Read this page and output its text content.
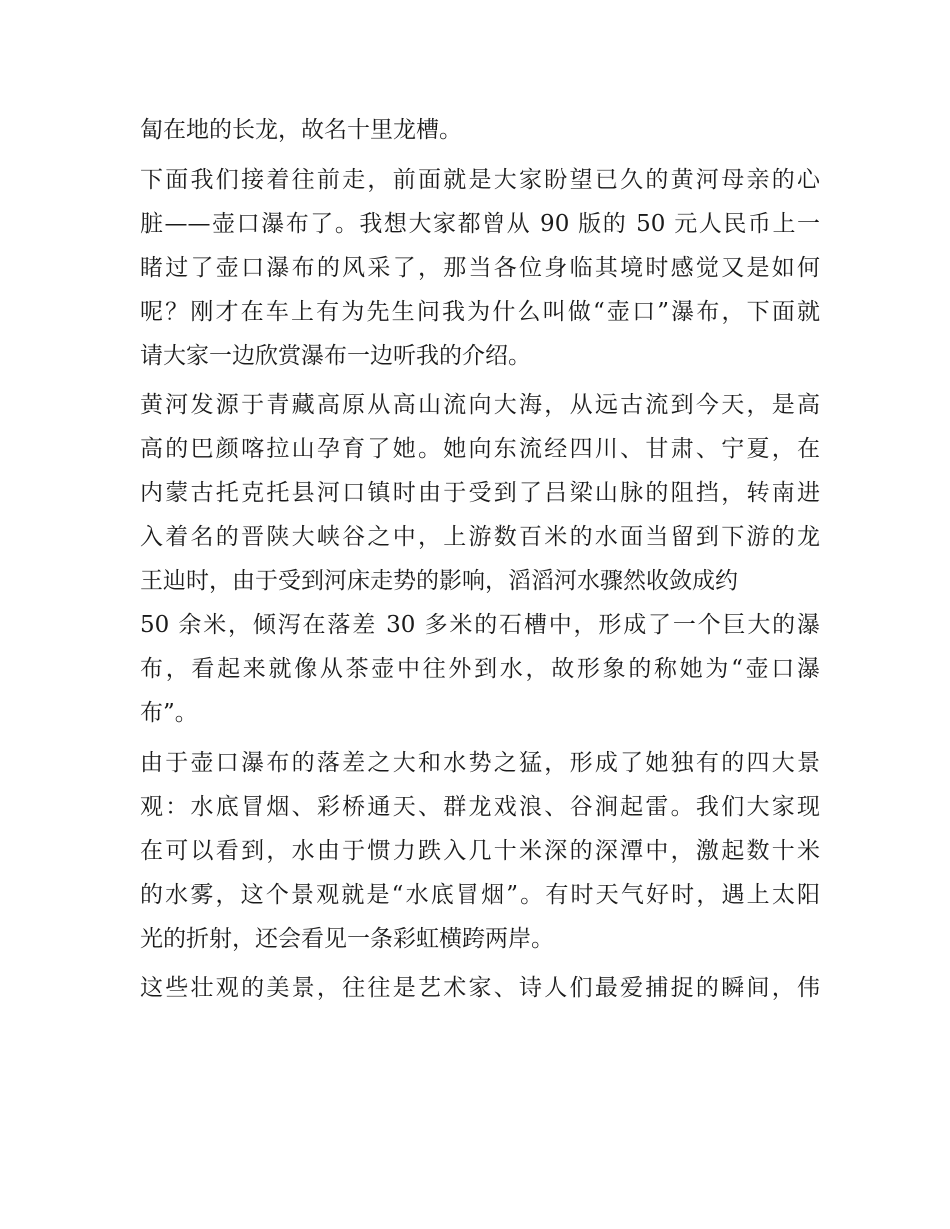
匐在地的长龙，故名十里龙槽。
下面我们接着往前走，前面就是大家盼望已久的黄河母亲的心
脏——壶口瀑布了。我想大家都曾从 90 版的 50 元人民币上一
睹过了壶口瀑布的风采了，那当各位身临其境时感觉又是如何
呢？刚才在车上有为先生问我为什么叫做“壶口”瀑布，下面就
请大家一边欣赏瀑布一边听我的介绍。
黄河发源于青藏高原从高山流向大海，从远古流到今天，是高
高的巴颜喀拉山孕育了她。她向东流经四川、甘肃、宁夏，在
内蒙古托克托县河口镇时由于受到了吕梁山脉的阻挡，转南进
入着名的晋陕大峡谷之中，上游数百米的水面当留到下游的龙
王辿时，由于受到河床走势的影响，滔滔河水骤然收敛成约
50 余米，倾泻在落差 30 多米的石槽中，形成了一个巨大的瀑
布，看起来就像从茶壶中往外到水，故形象的称她为“壶口瀑
布”。
由于壶口瀑布的落差之大和水势之猛，形成了她独有的四大景
观：水底冒烟、彩桥通天、群龙戏浪、谷涧起雷。我们大家现
在可以看到，水由于惯力跌入几十米深的深潭中，激起数十米
的水雾，这个景观就是“水底冒烟”。有时天气好时，遇上太阳
光的折射，还会看见一条彩虹横跨两岸。
这些壮观的美景，往往是艺术家、诗人们最爱捕捉的瞬间，伟
